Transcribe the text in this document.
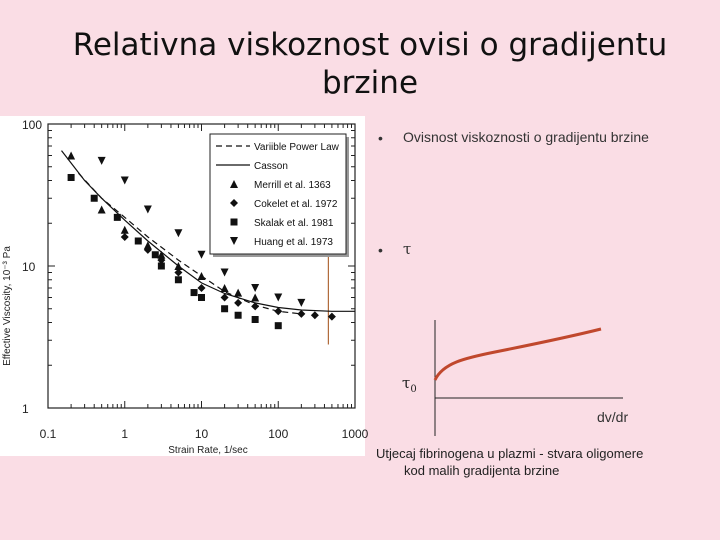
Relativna viskoznost ovisi o gradijentu brzine
0.1	1	10	100	1000
100
10
1
Strain Rate, 1/sec
Effective Viscosity, 10⁻³ Pa
Variible Power Law
Casson
Merrill et al. 1363
Cokelet et al. 1972
Skalak et al. 1981
Huang et al. 1973
• Ovisnost viskoznosti o gradijentu brzine
• τ
$\tau_0$
dv/dr
Utjecaj fibrinogena u plazmi - stvara oligomere
kod malih gradijenta brzine
